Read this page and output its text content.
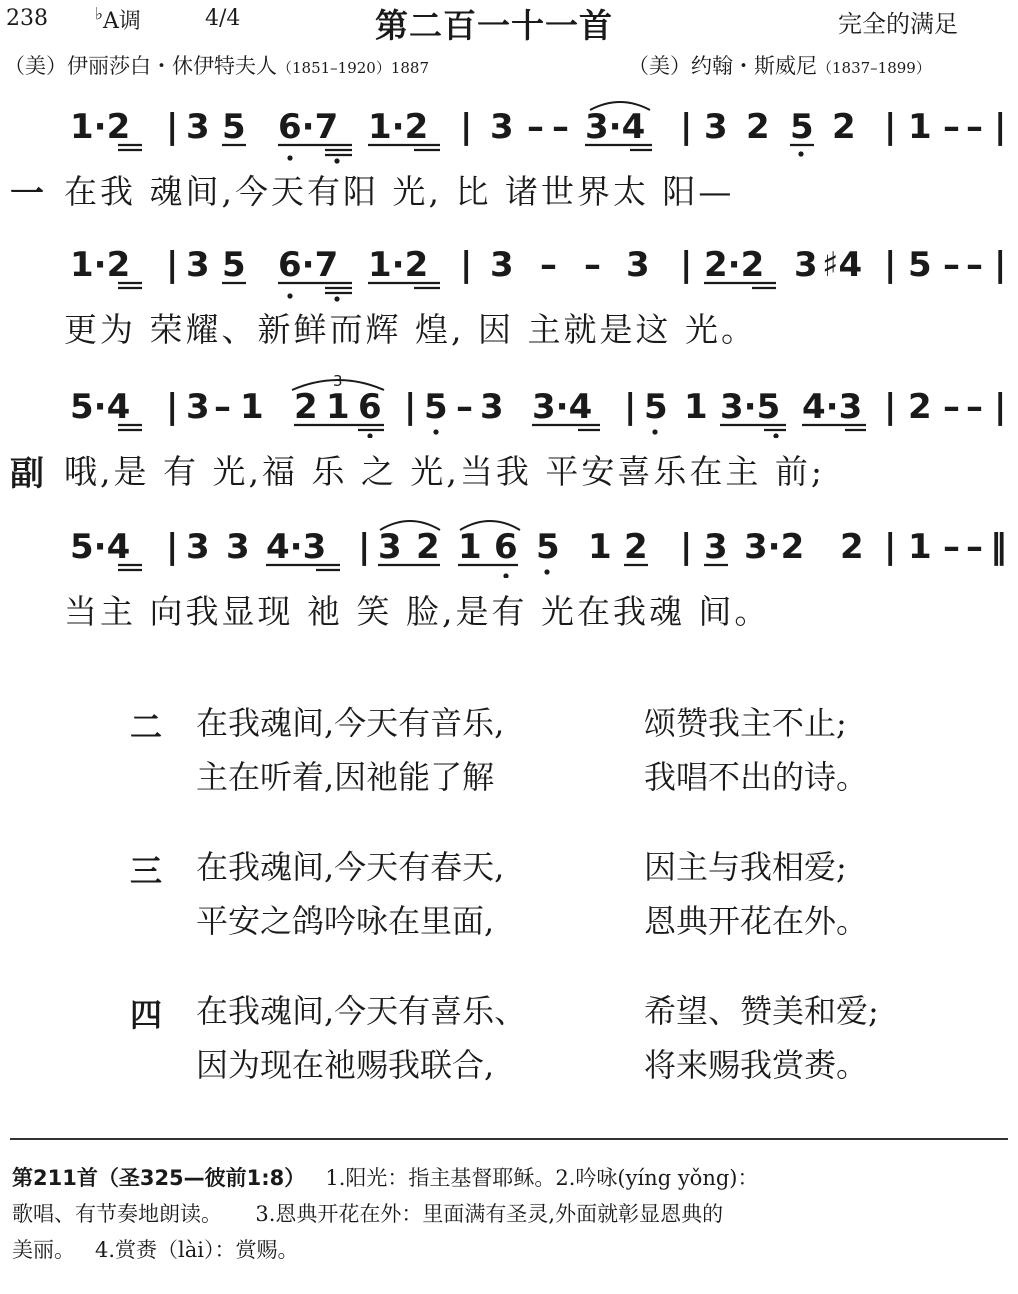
238	♭A调	4/4	第二百一十一首	完全的满足
（美）伊丽莎白・休伊特夫人（1851–1920）1887	（美）约翰・斯威尼（1837–1899）
1·2 | 3 5 6·7 1·2 | 3 – – 3·4 | 3 2 5 2 | 1 – – |
一 在我 魂间,今天有阳 光, 比 诸世界太 阳—
1·2 | 3 5 6·7 1·2 | 3 – – 3 | 2·2 3 ♯4 | 5 – – |
更为 荣耀、新鲜而辉 煌, 因 主就是这 光。
5·4 | 3 – 1 2 1 6 | 5 – 3 3·4 | 5 1 3·5 4·3 | 2 – – |
3
副 哦,是 有 光,福 乐 之 光,当我 平安喜乐在主 前;
5·4 | 3 3 4·3 | 3 2 1 6 5 1 2 | 3 3·2 2 | 1 – – ‖
当主 向我显现 祂 笑 脸,是有 光在我魂 间。
二 在我魂间,今天有音乐,	颂赞我主不止;
主在听着,因祂能了解	我唱不出的诗。
三 在我魂间,今天有春天,	因主与我相爱;
平安之鸽吟咏在里面,	恩典开花在外。
四 在我魂间,今天有喜乐、	希望、赞美和爱;
因为现在祂赐我联合,	将来赐我赏赉。
第211首（圣325—彼前1:8） 1.阳光：指主基督耶稣。2.吟咏(yíng yǒng)：
歌唱、有节奏地朗读。     3.恩典开花在外：里面满有圣灵,外面就彰显恩典的
美丽。   4.赏赉（lài）：赏赐。
